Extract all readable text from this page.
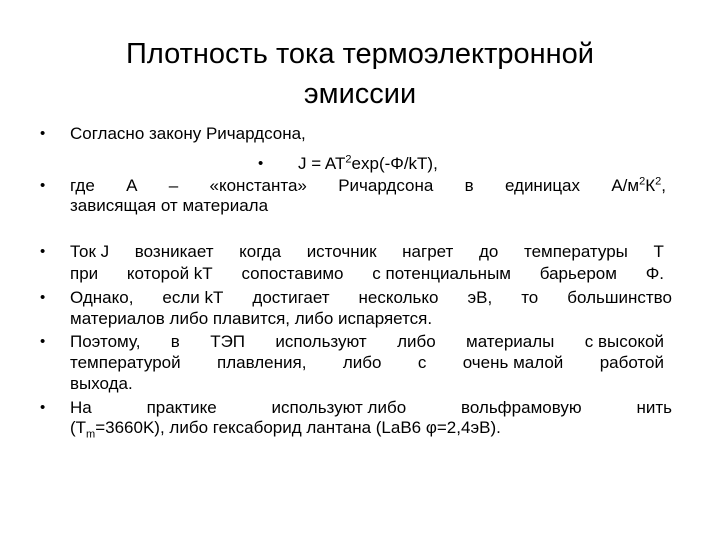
Плотность тока термоэлектронной
эмиссии
• Согласно закону Ричардсона,
• $J = AT^2\exp(-\Phi/kT)$,
• где А – «константа» Ричардсона в единицах $А/м^2К^2$,
зависящая от материала
• Ток J возникает когда источник нагрет до температуры T
при которой kT сопоставимо с потенциальным барьером Φ.
• Однако, если kT достигает несколько эВ, то большинство
материалов либо плавится, либо испаряется.
• Поэтому, в ТЭП используют либо материалы с высокой
температурой плавления, либо с очень малой работой
выхода.
• На	практике	используют либо	вольфрамовую	нить
$(T_m=3660K)$, либо гексаборид лантана (LaB6 φ=2,4эВ).
